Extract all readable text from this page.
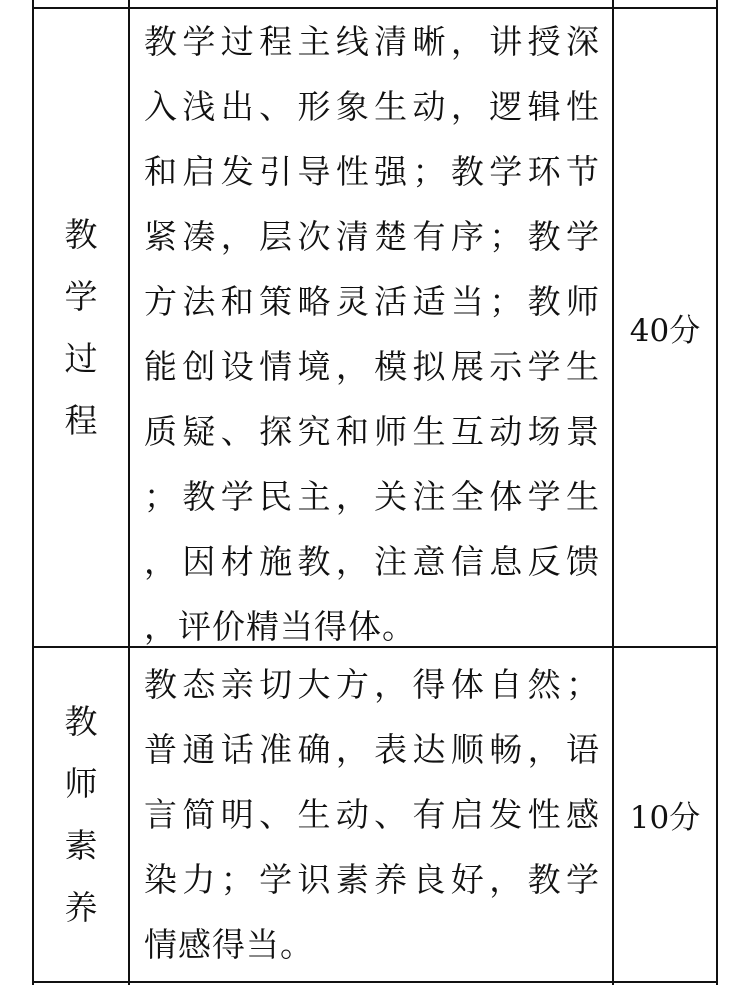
教
学
过
程
教学过程主线清晰，讲授深
入浅出、形象生动，逻辑性
和启发引导性强；教学环节
紧凑，层次清楚有序；教学
方法和策略灵活适当；教师
能创设情境，模拟展示学生
质疑、探究和师生互动场景
；教学民主，关注全体学生
，因材施教，注意信息反馈
，评价精当得体。
40分
教
师
素
养
教态亲切大方，得体自然；
普通话准确，表达顺畅，语
言简明、生动、有启发性感
染力；学识素养良好，教学
情感得当。
10分
